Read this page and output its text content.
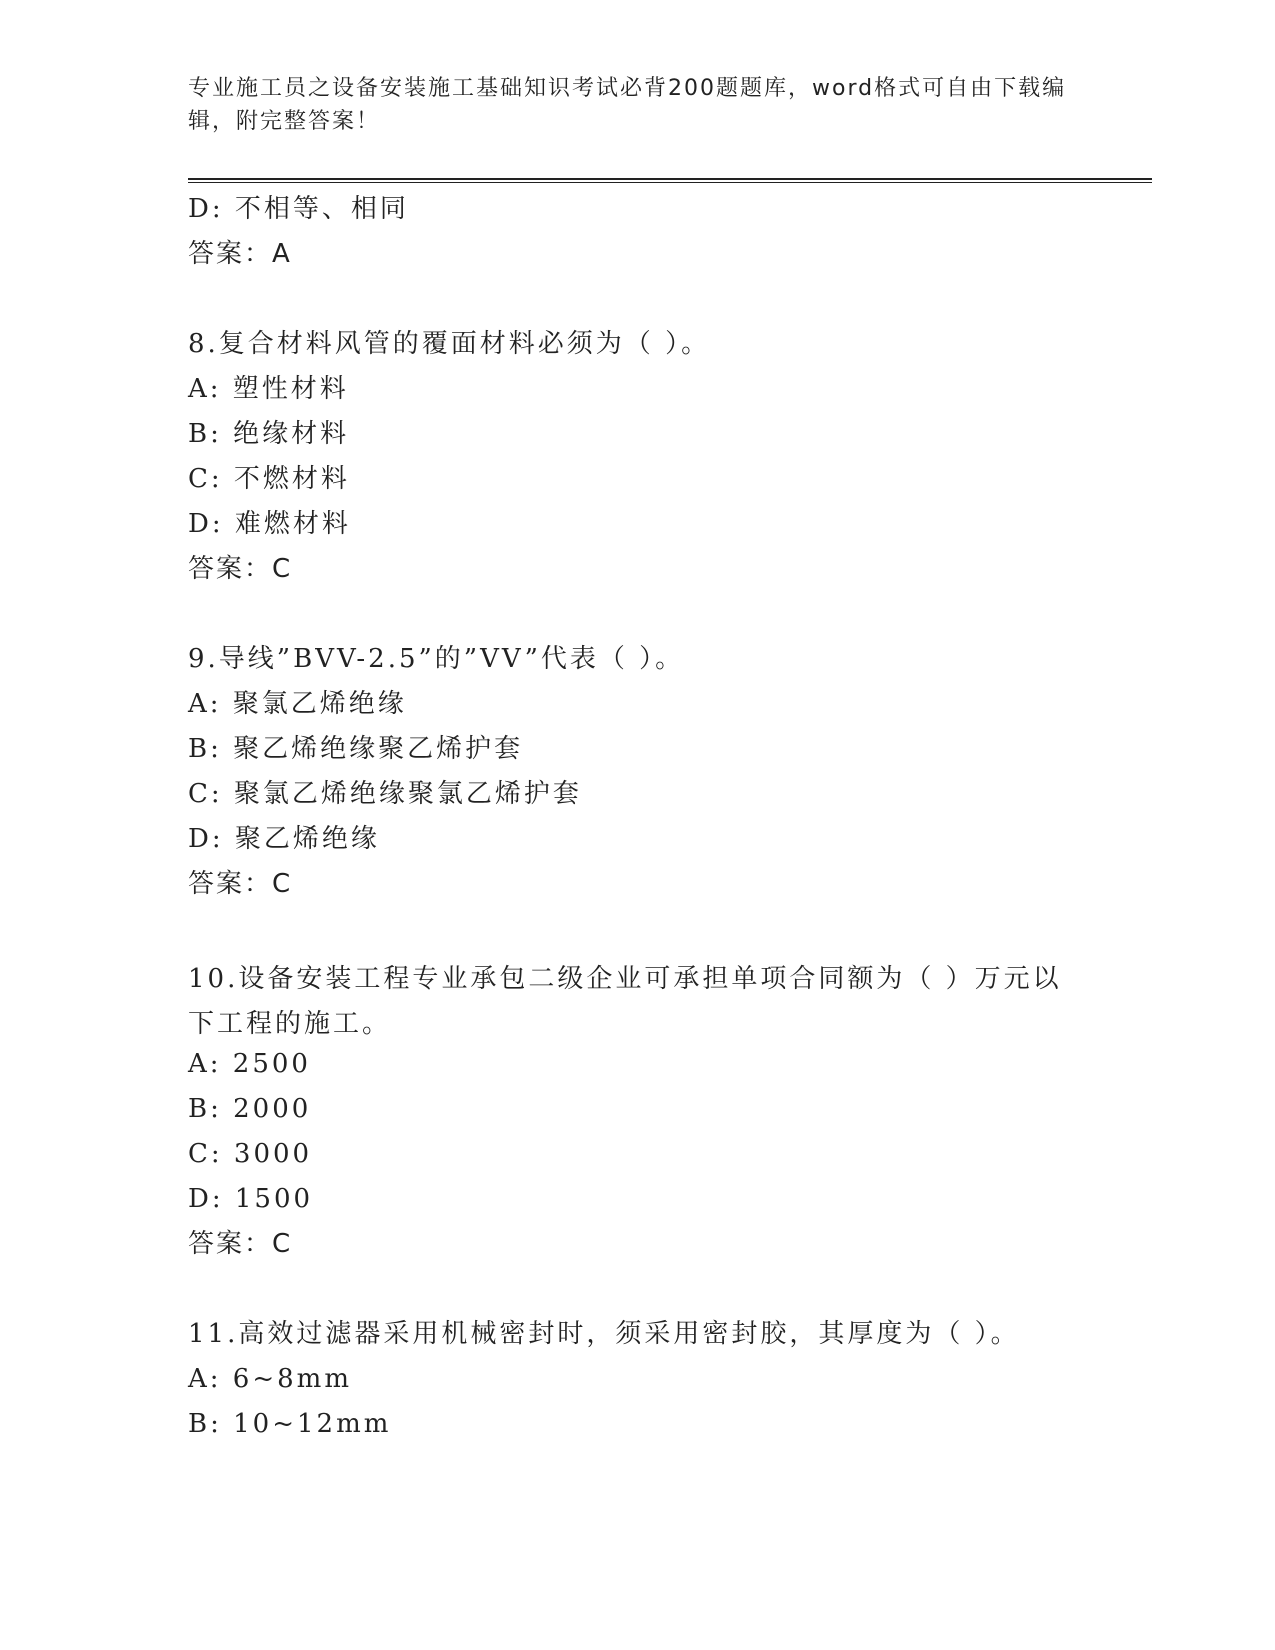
专业施工员之设备安装施工基础知识考试必背200题题库，word格式可自由下载编辑，附完整答案！
D: 不相等、相同
答案：A
8.复合材料风管的覆面材料必须为（ ）。
A: 塑性材料
B: 绝缘材料
C: 不燃材料
D: 难燃材料
答案：C
9.导线”BVV-2.5”的”VV”代表（ ）。
A: 聚氯乙烯绝缘
B: 聚乙烯绝缘聚乙烯护套
C: 聚氯乙烯绝缘聚氯乙烯护套
D: 聚乙烯绝缘
答案：C
10.设备安装工程专业承包二级企业可承担单项合同额为（ ）万元以下工程的施工。
A: 2500
B: 2000
C: 3000
D: 1500
答案：C
11.高效过滤器采用机械密封时，须采用密封胶，其厚度为（ ）。
A: 6~8mm
B: 10~12mm
